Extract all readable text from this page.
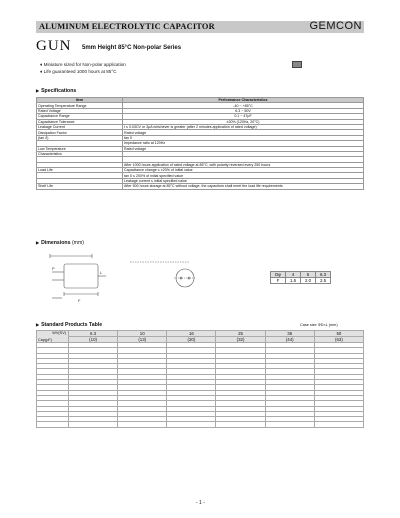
ALUMINUM ELECTROLYTIC CAPACITOR	GEMCON
GUN 5mm Height 85°C Non-polar Series
♦ Miniature sized for Non-polar application
♦ Life guaranteed 1000 hours at 85°C
▶ Specifications
Item	Performance Characteristics
Operating Temperature Range	-40 ~ +85°C
Rated Voltage	6.3 ~ 50V
Capacitance Range	0.1 ~ 47µF
Capacitance Tolerance	±20% (120Hz, 20°C)
Leakage Current	I ≤ 0.03CV or 3µA whichever is greater (after 2 minutes application of rated voltage)
Dissipation Factor	Rated voltage
(tan δ)	tan δ
	Impedance ratio at 120Hz
Low Temperature	Rated voltage
Characteristics	

	After 1000 hours application of rated voltage at 85°C, with polarity reversed every 250 hours
Load Life	Capacitance change ≤ ±20% of initial value
	tan δ ≤ 200% of initial specified value
	Leakage current ≤ initial specified value
Shelf Life	After 500 hours storage at 85°C without voltage, the capacitors shall meet the load life requirements
▶ Dimensions (mm)
P
L
F
Dφ	4	5	6.3
F	1.5	2.0	2.5
▶ Standard Products Table	Case size ΦD×L (mm)
WV(SV)
Cap(µF)	6.3	10	16	25	35	50
	(10)	(13)	(20)	(32)	(44)	(63)

- 1 -
